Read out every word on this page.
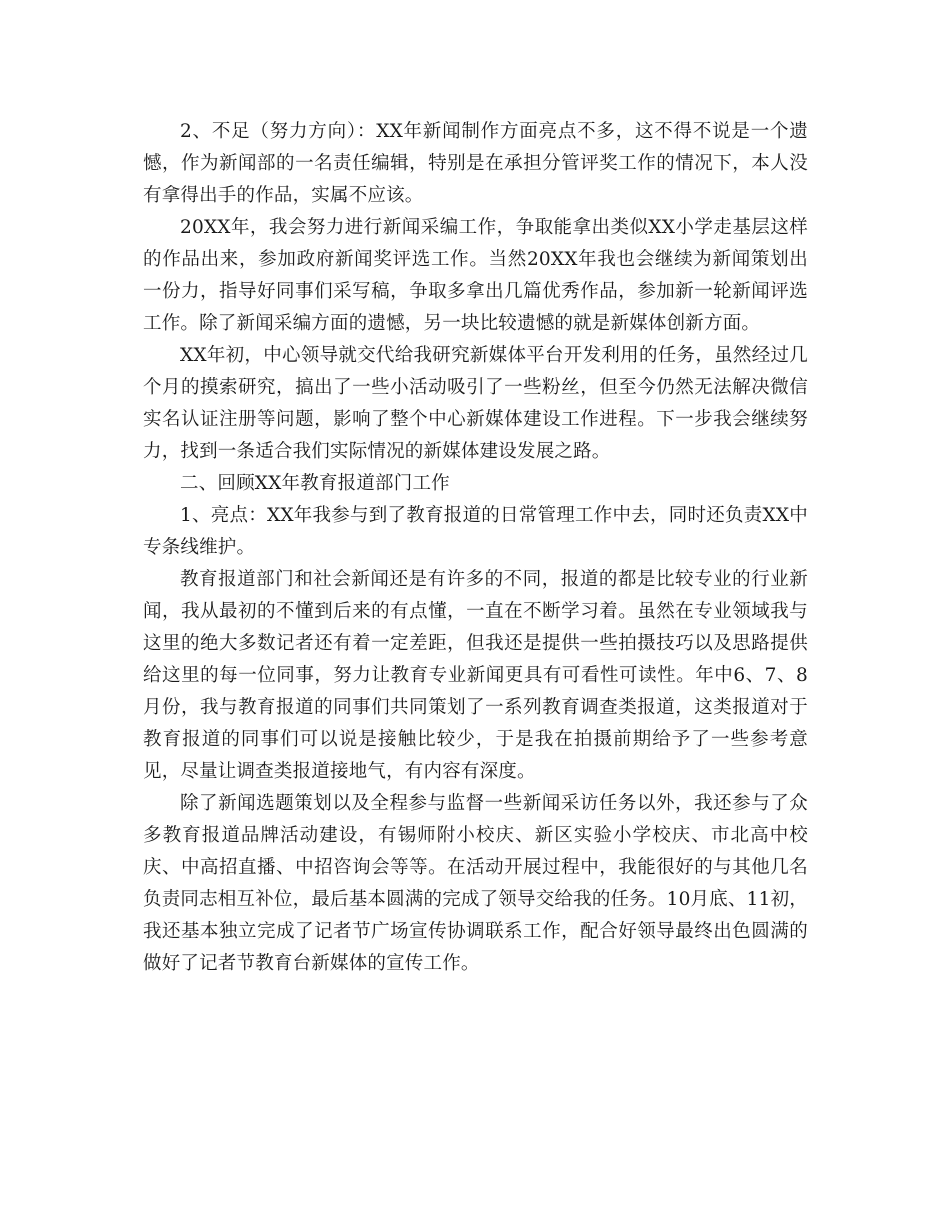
2、不足（努力方向）：XX年新闻制作方面亮点不多，这不得不说是一个遗憾，作为新闻部的一名责任编辑，特别是在承担分管评奖工作的情况下，本人没有拿得出手的作品，实属不应该。

20XX年，我会努力进行新闻采编工作，争取能拿出类似XX小学走基层这样的作品出来，参加政府新闻奖评选工作。当然20XX年我也会继续为新闻策划出一份力，指导好同事们采写稿，争取多拿出几篇优秀作品，参加新一轮新闻评选工作。除了新闻采编方面的遗憾，另一块比较遗憾的就是新媒体创新方面。

XX年初，中心领导就交代给我研究新媒体平台开发利用的任务，虽然经过几个月的摸索研究，搞出了一些小活动吸引了一些粉丝，但至今仍然无法解决微信实名认证注册等问题，影响了整个中心新媒体建设工作进程。下一步我会继续努力，找到一条适合我们实际情况的新媒体建设发展之路。

二、回顾XX年教育报道部门工作

1、亮点：XX年我参与到了教育报道的日常管理工作中去，同时还负责XX中专条线维护。

教育报道部门和社会新闻还是有许多的不同，报道的都是比较专业的行业新闻，我从最初的不懂到后来的有点懂，一直在不断学习着。虽然在专业领域我与这里的绝大多数记者还有着一定差距，但我还是提供一些拍摄技巧以及思路提供给这里的每一位同事，努力让教育专业新闻更具有可看性可读性。年中6、7、8月份，我与教育报道的同事们共同策划了一系列教育调查类报道，这类报道对于教育报道的同事们可以说是接触比较少，于是我在拍摄前期给予了一些参考意见，尽量让调查类报道接地气，有内容有深度。

除了新闻选题策划以及全程参与监督一些新闻采访任务以外，我还参与了众多教育报道品牌活动建设，有锡师附小校庆、新区实验小学校庆、市北高中校庆、中高招直播、中招咨询会等等。在活动开展过程中，我能很好的与其他几名负责同志相互补位，最后基本圆满的完成了领导交给我的任务。10月底、11初，我还基本独立完成了记者节广场宣传协调联系工作，配合好领导最终出色圆满的做好了记者节教育台新媒体的宣传工作。
